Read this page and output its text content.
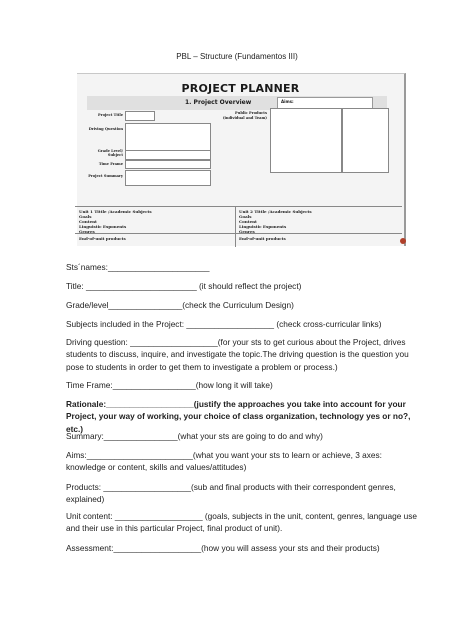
PBL – Structure (Fundamentos III)
PROJECT PLANNER
1. Project Overview	Aims:
Project Title
Driving Question
Grade Level/ Subject
Time Frame
Project Summary
Public Products (individual and Team)
Unit 1 Tittle /Academic Subjects
Goals
Content
Linguistic Exponents
Genres
End-of-unit products
Unit 2 Tittle /Academic Subjects
Goals
Content
Linguistic Exponents
Genres
End-of-unit products
Sts´names:______________________
Title: ________________________ (it should reflect the project)
Grade/level________________(check the Curriculum Design)
Subjects included in the Project: ___________________ (check cross-curricular links)
Driving question: ___________________(for your sts to get curious about the Project, drives students to discuss, inquire, and investigate the topic.The driving question is the question you pose to students in order to get them to investigate a problem or process.)
Time Frame:__________________(how long it will take)
Rationale:___________________(justify the approaches you take into account for your Project, your way of working, your choice of class organization, technology yes or no?, etc.)
Summary:________________(what your sts are going to do and why)
Aims:_______________________(what you want your sts to learn or achieve, 3 axes: knowledge or content, skills and values/attitudes)
Products: ___________________(sub and final products with their correspondent genres, explained)
Unit content: ___________________ (goals, subjects in the unit, content, genres, language use and their use in this particular Project, final product of unit).
Assessment:___________________(how you will assess your sts and their products)
